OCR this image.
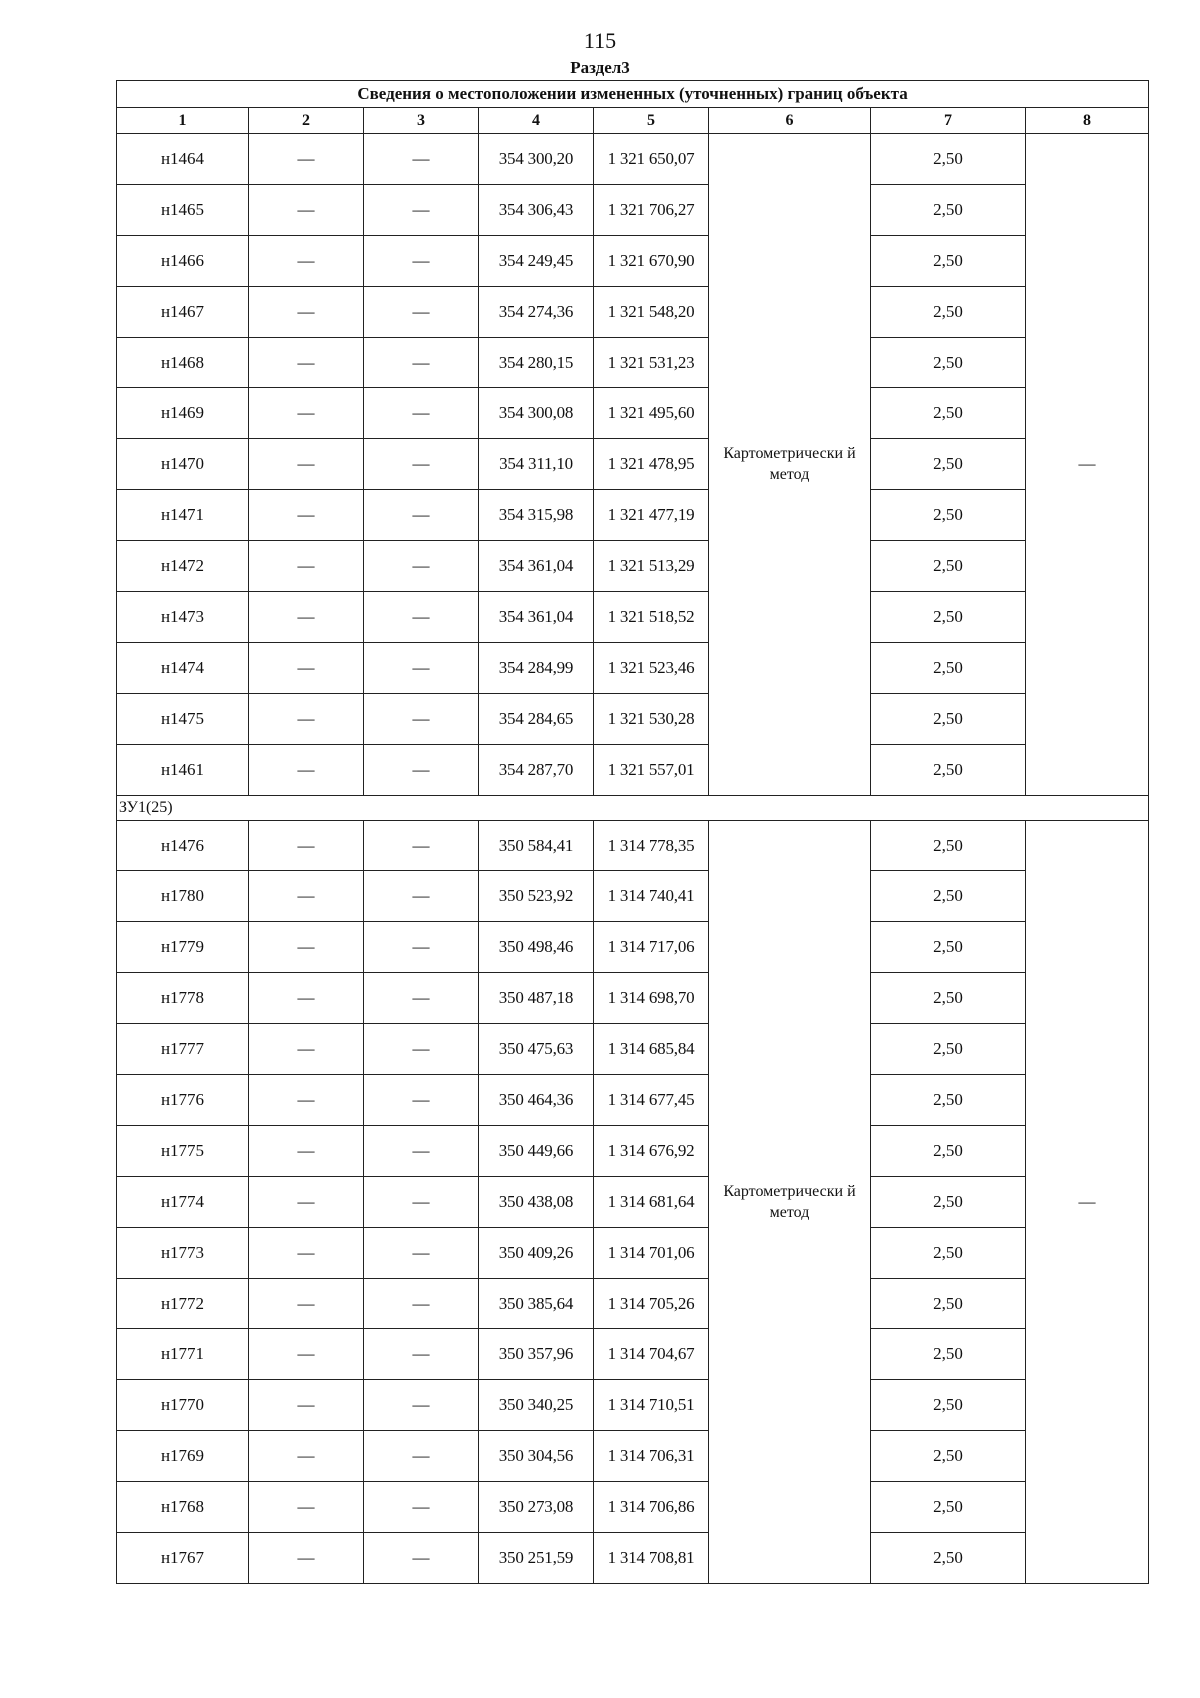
115
Раздел3
Сведения о местоположении измененных (уточненных) границ объекта							
1	2	3	4	5	6	7	8
н1464	—	—	354 300,20	1 321 650,07	Картометрически й метод	2,50	—
н1465	—	—	354 306,43	1 321 706,27		2,50	
н1466	—	—	354 249,45	1 321 670,90		2,50	
н1467	—	—	354 274,36	1 321 548,20		2,50	
н1468	—	—	354 280,15	1 321 531,23		2,50	
н1469	—	—	354 300,08	1 321 495,60		2,50	
н1470	—	—	354 311,10	1 321 478,95		2,50	
н1471	—	—	354 315,98	1 321 477,19		2,50	
н1472	—	—	354 361,04	1 321 513,29		2,50	
н1473	—	—	354 361,04	1 321 518,52		2,50	
н1474	—	—	354 284,99	1 321 523,46		2,50	
н1475	—	—	354 284,65	1 321 530,28		2,50	
н1461	—	—	354 287,70	1 321 557,01		2,50	
ЗУ1(25)							
н1476	—	—	350 584,41	1 314 778,35	Картометрически й метод	2,50	—
н1780	—	—	350 523,92	1 314 740,41		2,50	
н1779	—	—	350 498,46	1 314 717,06		2,50	
н1778	—	—	350 487,18	1 314 698,70		2,50	
н1777	—	—	350 475,63	1 314 685,84		2,50	
н1776	—	—	350 464,36	1 314 677,45		2,50	
н1775	—	—	350 449,66	1 314 676,92		2,50	
н1774	—	—	350 438,08	1 314 681,64		2,50	
н1773	—	—	350 409,26	1 314 701,06		2,50	
н1772	—	—	350 385,64	1 314 705,26		2,50	
н1771	—	—	350 357,96	1 314 704,67		2,50	
н1770	—	—	350 340,25	1 314 710,51		2,50	
н1769	—	—	350 304,56	1 314 706,31		2,50	
н1768	—	—	350 273,08	1 314 706,86		2,50	
н1767	—	—	350 251,59	1 314 708,81		2,50	
